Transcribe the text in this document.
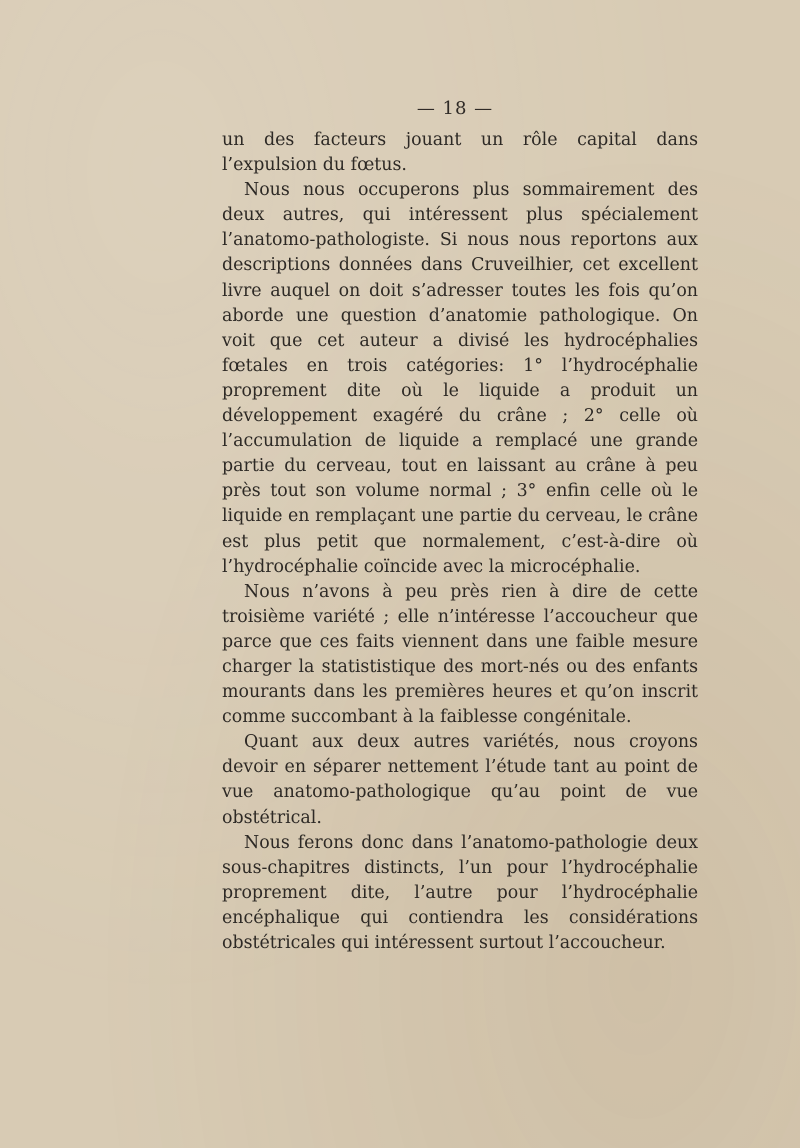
— 18 —

un des facteurs jouant un rôle capital dans l’expulsion du fœtus.

Nous nous occuperons plus sommairement des deux autres, qui intéressent plus spécialement l’anatomo-pathologiste. Si nous nous reportons aux descriptions données dans Cruveilhier, cet excellent livre auquel on doit s’adresser toutes les fois qu’on aborde une question d’anatomie pathologique. On voit que cet auteur a divisé les hydrocéphalies fœtales en trois catégories: 1° l’hydrocéphalie proprement dite où le liquide a produit un développement exagéré du crâne ; 2° celle où l’accumulation de liquide a remplacé une grande partie du cerveau, tout en laissant au crâne à peu près tout son volume normal ; 3° enfin celle où le liquide en remplaçant une partie du cerveau, le crâne est plus petit que normalement, c’est-à-dire où l’hydrocéphalie coïncide avec la microcéphalie.

Nous n’avons à peu près rien à dire de cette troisième variété ; elle n’intéresse l’accoucheur que parce que ces faits viennent dans une faible mesure charger la statististique des mort-nés ou des enfants mourants dans les premières heures et qu’on inscrit comme succombant à la faiblesse congénitale.

Quant aux deux autres variétés, nous croyons devoir en séparer nettement l’étude tant au point de vue anatomo-pathologique qu’au point de vue obstétrical.

Nous ferons donc dans l’anatomo-pathologie deux sous-chapitres distincts, l’un pour l’hydrocéphalie proprement dite, l’autre pour l’hydrocéphalie encéphalique qui contiendra les considérations obstétricales qui intéressent surtout l’accoucheur.
